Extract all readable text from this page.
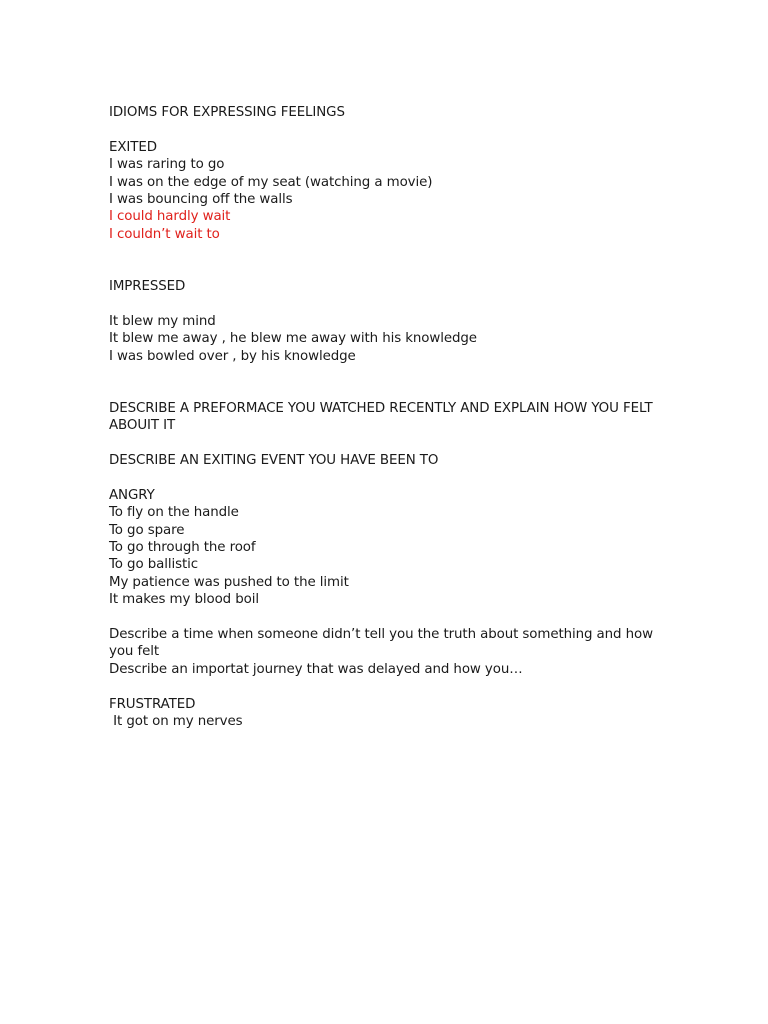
IDIOMS FOR EXPRESSING FEELINGS
EXITED
I was raring to go
I was on the edge of my seat (watching a movie)
I was bouncing off the walls
I could hardly wait
I couldn’t wait to
IMPRESSED
It blew my mind
It blew me away , he blew me away with his knowledge
I was bowled over , by his knowledge
DESCRIBE A PREFORMACE YOU WATCHED RECENTLY AND EXPLAIN HOW YOU FELT ABOUIT IT
DESCRIBE AN EXITING EVENT YOU HAVE BEEN TO
ANGRY
To fly on the handle
To go spare
To go through the roof
To go ballistic
My patience was pushed to the limit
It makes my blood boil
Describe a time when someone didn’t tell you the truth about something and how you felt
Describe an importat journey that was delayed and how you…
FRUSTRATED
It got on my nerves
